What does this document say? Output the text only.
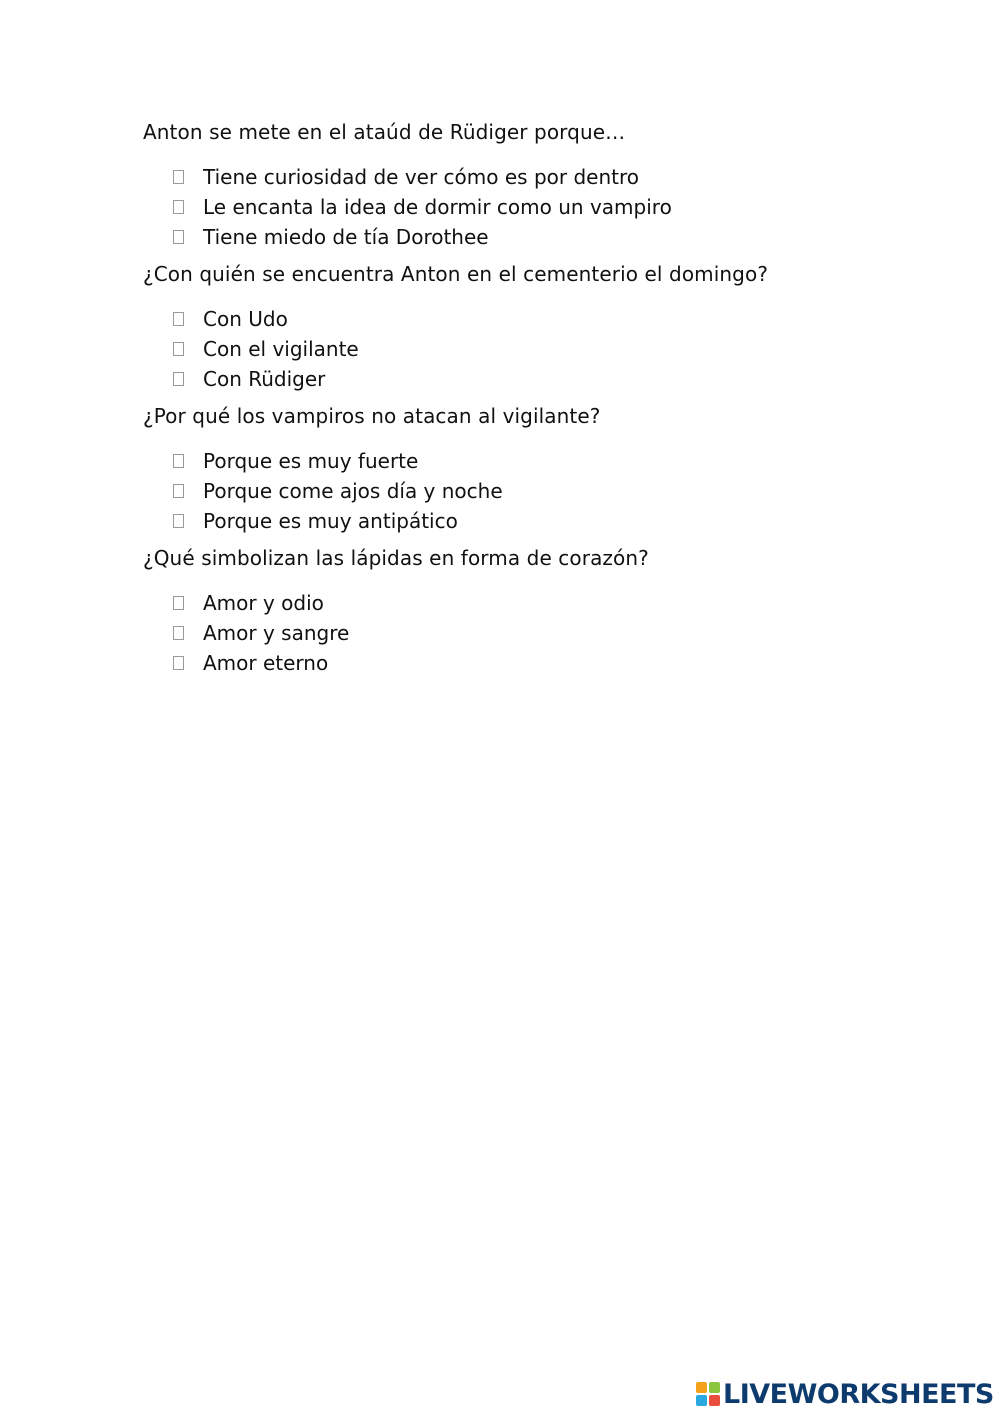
Anton se mete en el ataúd de Rüdiger porque…

Tiene curiosidad de ver cómo es por dentro
Le encanta la idea de dormir como un vampiro
Tiene miedo de tía Dorothee

¿Con quién se encuentra Anton en el cementerio el domingo?

Con Udo
Con el vigilante
Con Rüdiger

¿Por qué los vampiros no atacan al vigilante?

Porque es muy fuerte
Porque come ajos día y noche
Porque es muy antipático

¿Qué simbolizan las lápidas en forma de corazón?

Amor y odio
Amor y sangre
Amor eterno
LIVEWORKSHEETS
